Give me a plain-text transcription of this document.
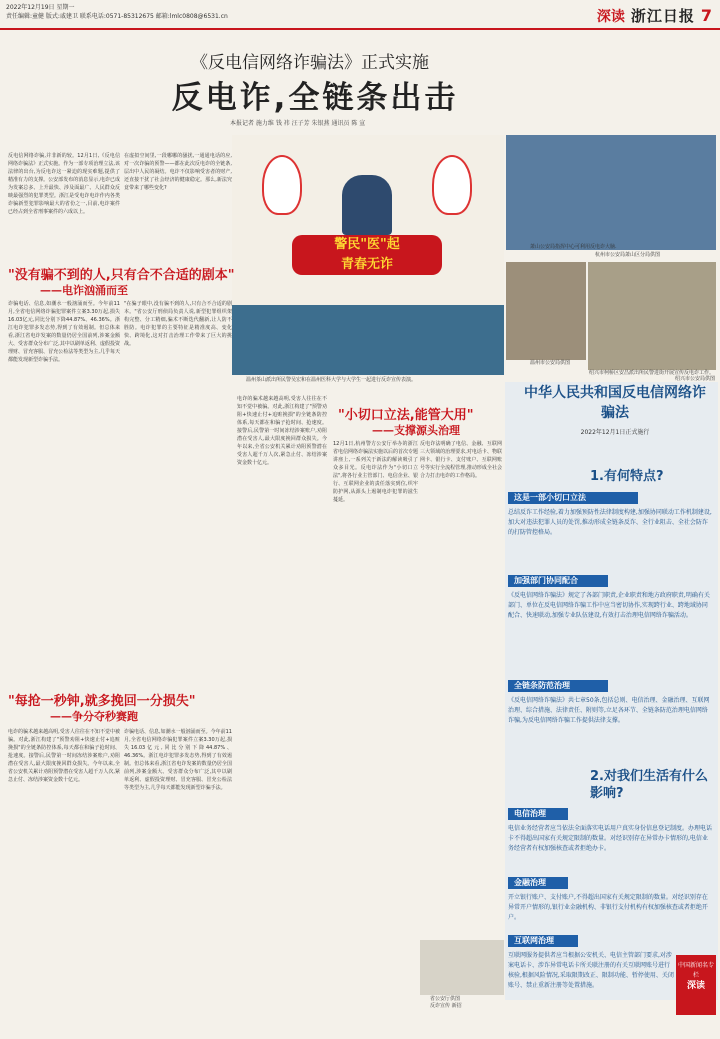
2022年12月19日 星期一
责任编辑:童健 版式:戚建卫 联系电话:0571-85312675 邮箱:lmlc0808@6531.cn	深读 浙江日报 7
《反电信网络诈骗法》正式实施
反电诈,全链条出击
本报记者 施力维 钱 祎 汪子芳 朱银燕 通讯员 陈 宣
反电信网络诈骗,并非新的较。12月1日,《反电信网络诈骗法》正式实施。作为一部专项治理立法,该法律的出台,为反电诈这一紧迫的现实难题,提供了精准有力的支撑。公安部发布的消息显示,电诈已成为发案总多、上升最快、涉及面最广、人民群众反映最强烈的犯罪类型。浙江是受电诈电诈作内各类诈骗新型犯罪影响最大的省份之一,目前,电诈案件已经占到全省刑事案件的六成以上。
在虚拟空间里,一段哪哪的骚扰,一通通电话的应,对一次诈骗的预警——都在此次反电诈的全链条,层出中人民的凝结。电诈不仅影响受害者的财产,还直接干扰了社会经济的健康稳定。那么,新法究竟带来了哪些变化?
警民"医"起
青春无诈
温州茶山派出所民警吴宏和在温州医科大学与大学生一起进行反诈宣传表演。
萧山公安局指挥中心可利用反电诈大脑.
杭州市公安局萧山区分局供图
温州市公安局供图
绍兴市柯桥区安昌派出所民警进街开展宣传反电诈工作。
绍兴市公安局供图
"没有骗不到的人,只有合不合适的剧本"
——电诈汹涌而至
诈骗电话、信息,如潮水一般汹涌而至。今年前11月,全省电信网络诈骗犯罪案件立案3.30万起,损失16.03亿元,同比分别下降44.87%、46.36%。浙江电诈犯罪多发态势,得到了有效遏制。但总体来看,浙江省电诈发案的数量仍居全国前列,涉案金额大、受害群众分布广泛,其中以刷单返利、虚假投资理财、冒充客服、冒充公检法等类型为主,几乎每天都能发现新型诈骗手法。
"在骗子眼中,没有骗不到的人,只有合不合适的剧本。"省公安厅刑侦局负责人说,新型犯罪组织架构完整、分工精细,骗术不断迭代翻新,让人防不胜防。电诈犯罪的主要特征是精准度高、变化快、跨境化,这对打击治理工作带来了巨大的挑战。
"每抢一秒钟,就多挽回一分损失"
——争分夺秒赛跑
电诈的骗术越来越高明,受害人往往在不知不觉中被骗。对此,浙江构建了"预警劝阻+快速止付+追赃挽损"的全链条防控体系,每天都在和骗子抢时间、抢速度。接警后,民警第一时间冻结涉案账户,劝阻潜在受害人,最大限度挽回群众损失。今年以来,全省公安机关累计劝阻预警潜在受害人超千万人次,紧急止付、冻结涉案资金数十亿元。
诈骗电话、信息,如潮水一般汹涌而至。今年前11月,全省电信网络诈骗犯罪案件立案3.30万起,损失16.03亿元,同比分别下降44.87%、46.36%。浙江电诈犯罪多发态势,得到了有效遏制。但总体来看,浙江省电诈发案的数量仍居全国前列,涉案金额大、受害群众分布广泛,其中以刷单返利、虚假投资理财、冒充客服、冒充公检法等类型为主,几乎每天都能发现新型诈骗手法。
电诈的骗术越来越高明,受害人往往在不知不觉中被骗。对此,浙江构建了"预警劝阻+快速止付+追赃挽损"的全链条防控体系,每天都在和骗子抢时间、抢速度。接警后,民警第一时间冻结涉案账户,劝阻潜在受害人,最大限度挽回群众损失。今年以来,全省公安机关累计劝阻预警潜在受害人超千万人次,紧急止付、冻结涉案资金数十亿元。
"小切口立法,能管大用"
——支撑源头治理
12月1日,杭州警方公安厅举办的浙江省电信网络诈骗法实施以后的首次专题讲座上,一系列关于新法的解读吸引了众多目光。反电诈法作为"小切口立法",将各行业主管部门、电信企业、银行、互联网企业的责任落实到位,织牢防护网,从源头上遏制电诈犯罪的滋生蔓延。
反电诈法明确了电信、金融、互联网三大领域的治理要求,对电话卡、物联网卡、银行卡、支付账户、互联网账号等实行全流程管理,推动形成全社会合力打击电诈的工作格局。
省公安厅供图
反诈宣传 新招
中华人民共和国反电信网络诈骗法
2022年12月1日正式施行
1.有何特点?
这是一部小切口立法
总结反诈工作经验,着力加强预防性法律制度构建,加强协同联动工作机制建设,加大对违法犯罪人员的处罚,推动形成全链条反诈、全行业阻击、全社会防诈的打防管控格局。
加强部门协同配合
《反电信网络诈骗法》规定了各部门职责,企业职责和地方政府职责,明确有关部门、单位在反电信网络诈骗工作中应当密切协作,实现跨行业、跨地域协同配合、快速联动,加强专业队伍建设,有效打击治理电信网络诈骗活动。
全链条防范治理
《反电信网络诈骗法》共七章50条,包括总则、电信治理、金融治理、互联网治理、综合措施、法律责任、附则等,立足各环节、全链条防范治理电信网络诈骗,为反电信网络诈骗工作提供法律支撑。
2.对我们生活有什么影响?
电信治理
电信业务经营者应当依法全面落实电话用户真实身份信息登记制度。办理电话卡不得超出国家有关规定限制的数量。对经识别存在异常办卡情形的,电信业务经营者有权加强核查或者拒绝办卡。
金融治理
开立银行账户、支付账户,不得超出国家有关规定限制的数量。对经识别存在异常开户情形的,银行业金融机构、非银行支付机构有权加强核查或者拒绝开户。
互联网治理
互联网服务提供者应当根据公安机关、电信主管部门要求,对涉案电话卡、涉诈异常电话卡所关联注册的有关互联网账号进行核验,根据风险情况,采取限期改正、限制功能、暂停使用、关闭账号、禁止重新注册等处置措施。
中国新闻名专栏
深读
